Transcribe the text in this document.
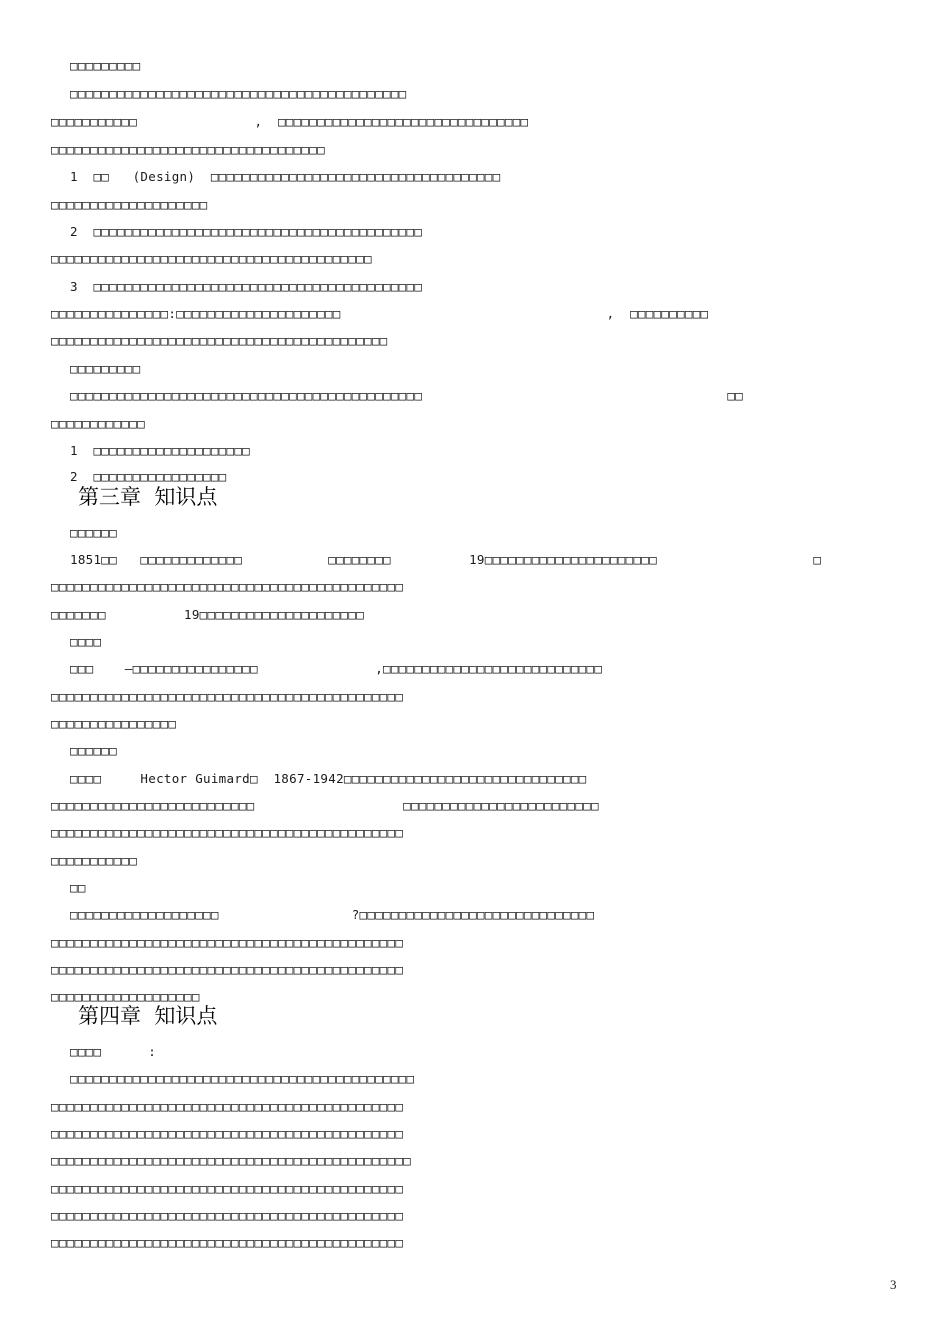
□□□□□□□□□
□□□□□□□□□□□□□□□□□□□□□□□□□□□□□□□□□□□□□□□□□□□
□□□□□□□□□□□               ,  □□□□□□□□□□□□□□□□□□□□□□□□□□□□□□□□
□□□□□□□□□□□□□□□□□□□□□□□□□□□□□□□□□□□
1  □□   (Design)  □□□□□□□□□□□□□□□□□□□□□□□□□□□□□□□□□□□□□
□□□□□□□□□□□□□□□□□□□□
2  □□□□□□□□□□□□□□□□□□□□□□□□□□□□□□□□□□□□□□□□□□
□□□□□□□□□□□□□□□□□□□□□□□□□□□□□□□□□□□□□□□□□
3  □□□□□□□□□□□□□□□□□□□□□□□□□□□□□□□□□□□□□□□□□□
□□□□□□□□□□□□□□□:□□□□□□□□□□□□□□□□□□□□□                                  ,  □□□□□□□□□□
□□□□□□□□□□□□□□□□□□□□□□□□□□□□□□□□□□□□□□□□□□□
□□□□□□□□□
□□□□□□□□□□□□□□□□□□□□□□□□□□□□□□□□□□□□□□□□□□□□□                                       □□
□□□□□□□□□□□□
1  □□□□□□□□□□□□□□□□□□□□
2  □□□□□□□□□□□□□□□□□
第三章  知识点
□□□□□□
1851□□   □□□□□□□□□□□□□           □□□□□□□□          19□□□□□□□□□□□□□□□□□□□□□□                    □
□□□□□□□□□□□□□□□□□□□□□□□□□□□□□□□□□□□□□□□□□□□□□
□□□□□□□          19□□□□□□□□□□□□□□□□□□□□□
□□□□
□□□    —□□□□□□□□□□□□□□□□               ,□□□□□□□□□□□□□□□□□□□□□□□□□□□□
□□□□□□□□□□□□□□□□□□□□□□□□□□□□□□□□□□□□□□□□□□□□□
□□□□□□□□□□□□□□□□
□□□□□□
□□□□     Hector Guimard□  1867-1942□□□□□□□□□□□□□□□□□□□□□□□□□□□□□□□
□□□□□□□□□□□□□□□□□□□□□□□□□□                   □□□□□□□□□□□□□□□□□□□□□□□□□
□□□□□□□□□□□□□□□□□□□□□□□□□□□□□□□□□□□□□□□□□□□□□
□□□□□□□□□□□
□□
□□□□□□□□□□□□□□□□□□□                 ?□□□□□□□□□□□□□□□□□□□□□□□□□□□□□□
□□□□□□□□□□□□□□□□□□□□□□□□□□□□□□□□□□□□□□□□□□□□□
□□□□□□□□□□□□□□□□□□□□□□□□□□□□□□□□□□□□□□□□□□□□□
□□□□□□□□□□□□□□□□□□□
第四章  知识点
□□□□      :
□□□□□□□□□□□□□□□□□□□□□□□□□□□□□□□□□□□□□□□□□□□□
□□□□□□□□□□□□□□□□□□□□□□□□□□□□□□□□□□□□□□□□□□□□□
□□□□□□□□□□□□□□□□□□□□□□□□□□□□□□□□□□□□□□□□□□□□□
□□□□□□□□□□□□□□□□□□□□□□□□□□□□□□□□□□□□□□□□□□□□□□
□□□□□□□□□□□□□□□□□□□□□□□□□□□□□□□□□□□□□□□□□□□□□
□□□□□□□□□□□□□□□□□□□□□□□□□□□□□□□□□□□□□□□□□□□□□
□□□□□□□□□□□□□□□□□□□□□□□□□□□□□□□□□□□□□□□□□□□□□
3
